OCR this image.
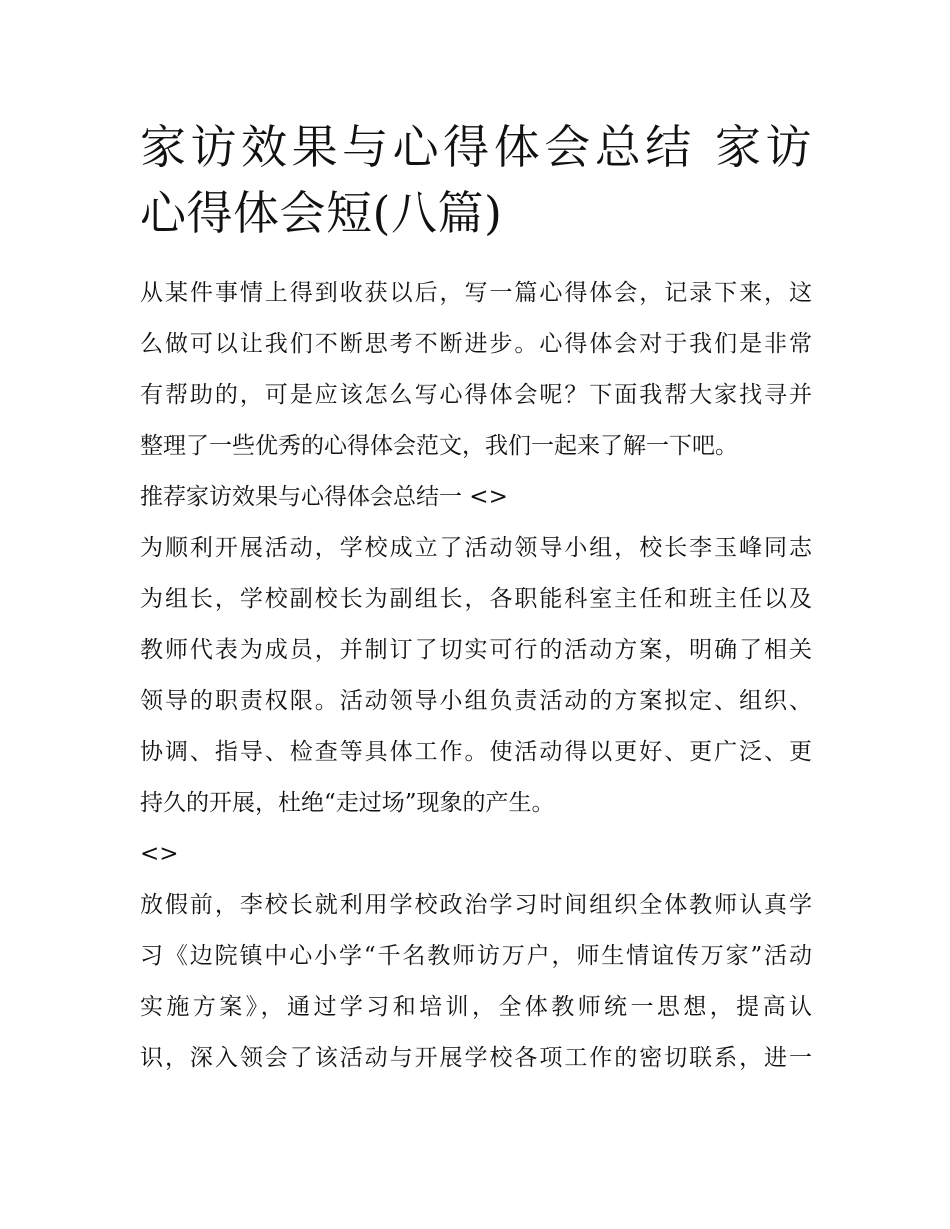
家访效果与心得体会总结 家访
心得体会短(八篇)

从某件事情上得到收获以后，写一篇心得体会，记录下来，这
么做可以让我们不断思考不断进步。心得体会对于我们是非常
有帮助的，可是应该怎么写心得体会呢？下面我帮大家找寻并
整理了一些优秀的心得体会范文，我们一起来了解一下吧。

推荐家访效果与心得体会总结一 <>

为顺利开展活动，学校成立了活动领导小组，校长李玉峰同志
为组长，学校副校长为副组长，各职能科室主任和班主任以及
教师代表为成员，并制订了切实可行的活动方案，明确了相关
领导的职责权限。活动领导小组负责活动的方案拟定、组织、
协调、指导、检查等具体工作。使活动得以更好、更广泛、更
持久的开展，杜绝“走过场”现象的产生。

<>

放假前，李校长就利用学校政治学习时间组织全体教师认真学
习《边院镇中心小学“千名教师访万户，师生情谊传万家”活动
实施方案》，通过学习和培训，全体教师统一思想，提高认
识，深入领会了该活动与开展学校各项工作的密切联系，进一
